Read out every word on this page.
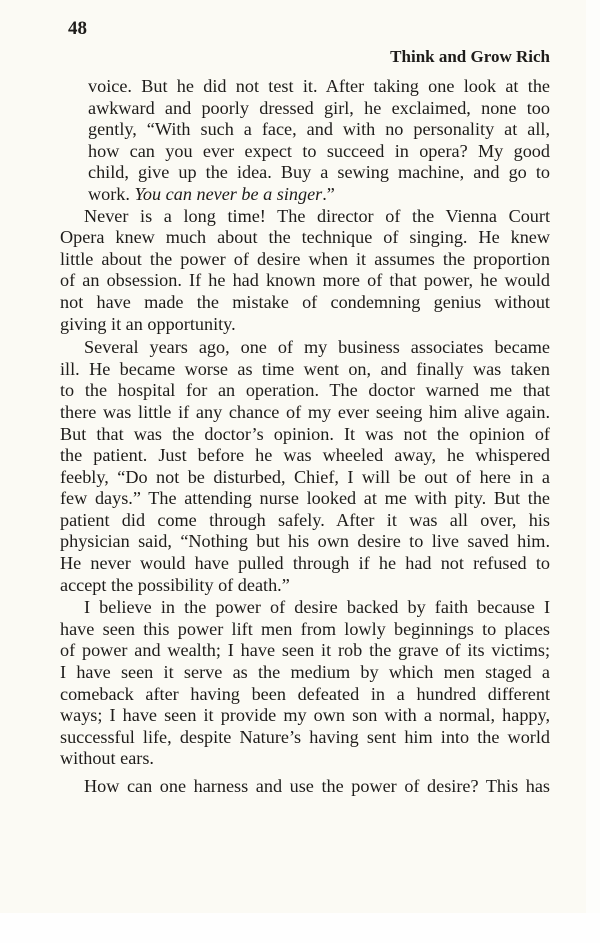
48
Think and Grow Rich
voice. But he did not test it. After taking one look at the
awkward and poorly dressed girl, he exclaimed, none too
gently, “With such a face, and with no personality at all,
how can you ever expect to succeed in opera? My good
child, give up the idea. Buy a sewing machine, and go to
work. You can never be a singer.”
Never is a long time! The director of the Vienna Court
Opera knew much about the technique of singing. He knew
little about the power of desire when it assumes the proportion
of an obsession. If he had known more of that power, he would
not have made the mistake of condemning genius without
giving it an opportunity.
Several years ago, one of my business associates became
ill. He became worse as time went on, and finally was taken
to the hospital for an operation. The doctor warned me that
there was little if any chance of my ever seeing him alive again.
But that was the doctor’s opinion. It was not the opinion of
the patient. Just before he was wheeled away, he whispered
feebly, “Do not be disturbed, Chief, I will be out of here in a
few days.” The attending nurse looked at me with pity. But the
patient did come through safely. After it was all over, his
physician said, “Nothing but his own desire to live saved him.
He never would have pulled through if he had not refused to
accept the possibility of death.”
I believe in the power of desire backed by faith because I
have seen this power lift men from lowly beginnings to places
of power and wealth; I have seen it rob the grave of its victims;
I have seen it serve as the medium by which men staged a
comeback after having been defeated in a hundred different
ways; I have seen it provide my own son with a normal, happy,
successful life, despite Nature’s having sent him into the world
without ears.
How can one harness and use the power of desire? This has
